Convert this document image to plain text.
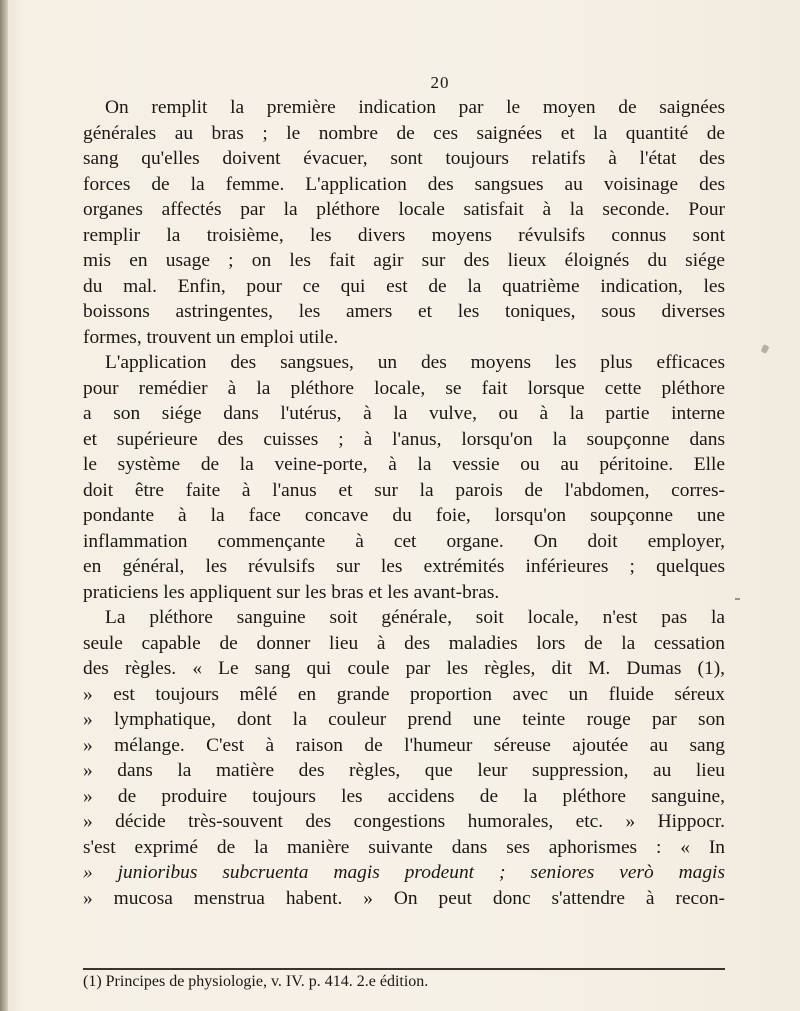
20
On remplit la première indication par le moyen de saignées
générales au bras ; le nombre de ces saignées et la quantité de
sang qu'elles doivent évacuer, sont toujours relatifs à l'état des
forces de la femme. L'application des sangsues au voisinage des
organes affectés par la pléthore locale satisfait à la seconde. Pour
remplir la troisième, les divers moyens révulsifs connus sont
mis en usage ; on les fait agir sur des lieux éloignés du siége
du mal. Enfin, pour ce qui est de la quatrième indication, les
boissons astringentes, les amers et les toniques, sous diverses
formes, trouvent un emploi utile.
L'application des sangsues, un des moyens les plus efficaces
pour remédier à la pléthore locale, se fait lorsque cette pléthore
a son siége dans l'utérus, à la vulve, ou à la partie interne
et supérieure des cuisses ; à l'anus, lorsqu'on la soupçonne dans
le système de la veine-porte, à la vessie ou au péritoine. Elle
doit être faite à l'anus et sur la parois de l'abdomen, corres-
pondante à la face concave du foie, lorsqu'on soupçonne une
inflammation commençante à cet organe. On doit employer,
en général, les révulsifs sur les extrémités inférieures ; quelques
praticiens les appliquent sur les bras et les avant-bras.
La pléthore sanguine soit générale, soit locale, n'est pas la
seule capable de donner lieu à des maladies lors de la cessation
des règles. « Le sang qui coule par les règles, dit M. Dumas (1),
» est toujours mêlé en grande proportion avec un fluide séreux
» lymphatique, dont la couleur prend une teinte rouge par son
» mélange. C'est à raison de l'humeur séreuse ajoutée au sang
» dans la matière des règles, que leur suppression, au lieu
» de produire toujours les accidens de la pléthore sanguine,
» décide très-souvent des congestions humorales, etc. » Hippocr.
s'est exprimé de la manière suivante dans ses aphorismes : « In
» junioribus subcruenta magis prodeunt ; seniores verò magis
» mucosa menstrua habent. » On peut donc s'attendre à recon-
(1) Principes de physiologie, v. IV. p. 414. 2.e édition.
